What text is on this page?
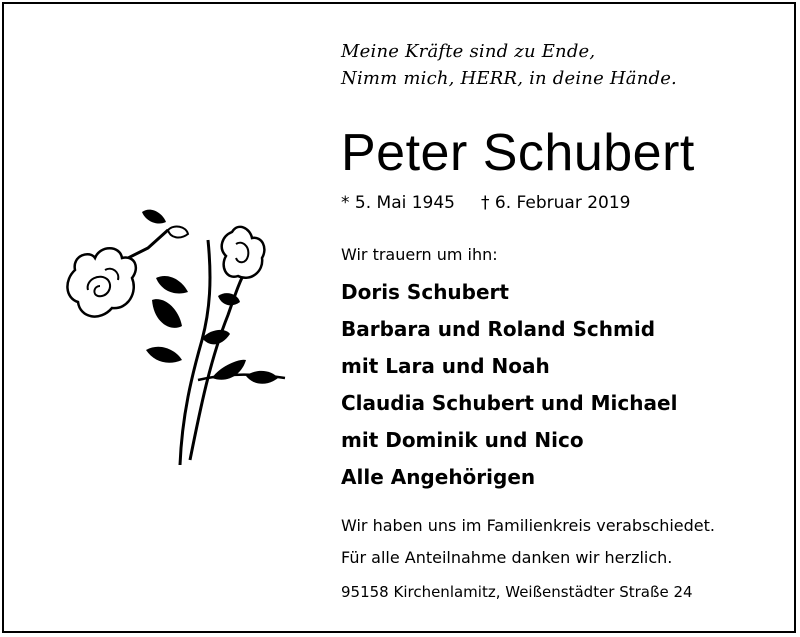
Meine Kräfte sind zu Ende,
Nimm mich, HERR, in deine Hände.
Peter Schubert
* 5. Mai 1945 † 6. Februar 2019
Wir trauern um ihn:
Doris Schubert
Barbara und Roland Schmid
mit Lara und Noah
Claudia Schubert und Michael
mit Dominik und Nico
Alle Angehörigen
Wir haben uns im Familienkreis verabschiedet.
Für alle Anteilnahme danken wir herzlich.
95158 Kirchenlamitz, Weißenstädter Straße 24
